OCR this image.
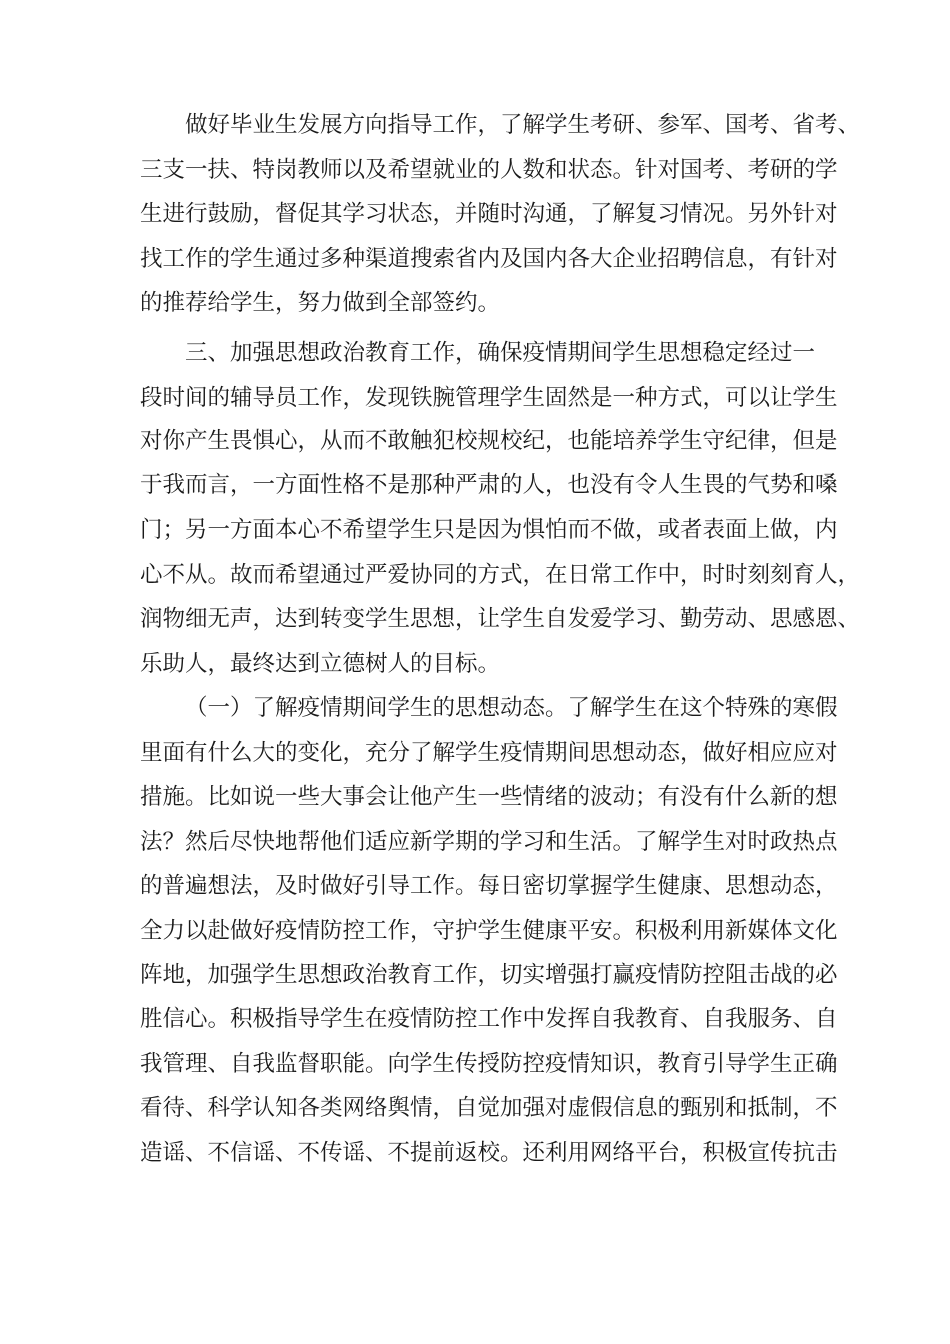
做好毕业生发展方向指导工作，了解学生考研、参军、国考、省考、

三支一扶、特岗教师以及希望就业的人数和状态。针对国考、考研的学

生进行鼓励，督促其学习状态，并随时沟通，了解复习情况。另外针对

找工作的学生通过多种渠道搜索省内及国内各大企业招聘信息，有针对

的推荐给学生，努力做到全部签约。

三、加强思想政治教育工作，确保疫情期间学生思想稳定经过一

段时间的辅导员工作，发现铁腕管理学生固然是一种方式，可以让学生

对你产生畏惧心，从而不敢触犯校规校纪，也能培养学生守纪律，但是

于我而言，一方面性格不是那种严肃的人，也没有令人生畏的气势和嗓

门；另一方面本心不希望学生只是因为惧怕而不做，或者表面上做，内

心不从。故而希望通过严爱协同的方式，在日常工作中，时时刻刻育人，

润物细无声，达到转变学生思想，让学生自发爱学习、勤劳动、思感恩、

乐助人，最终达到立德树人的目标。

（一）了解疫情期间学生的思想动态。了解学生在这个特殊的寒假

里面有什么大的变化，充分了解学生疫情期间思想动态，做好相应应对

措施。比如说一些大事会让他产生一些情绪的波动；有没有什么新的想

法？然后尽快地帮他们适应新学期的学习和生活。了解学生对时政热点

的普遍想法，及时做好引导工作。每日密切掌握学生健康、思想动态，

全力以赴做好疫情防控工作，守护学生健康平安。积极利用新媒体文化

阵地，加强学生思想政治教育工作，切实增强打赢疫情防控阻击战的必

胜信心。积极指导学生在疫情防控工作中发挥自我教育、自我服务、自

我管理、自我监督职能。向学生传授防控疫情知识，教育引导学生正确

看待、科学认知各类网络舆情，自觉加强对虚假信息的甄别和抵制，不

造谣、不信谣、不传谣、不提前返校。还利用网络平台，积极宣传抗击
